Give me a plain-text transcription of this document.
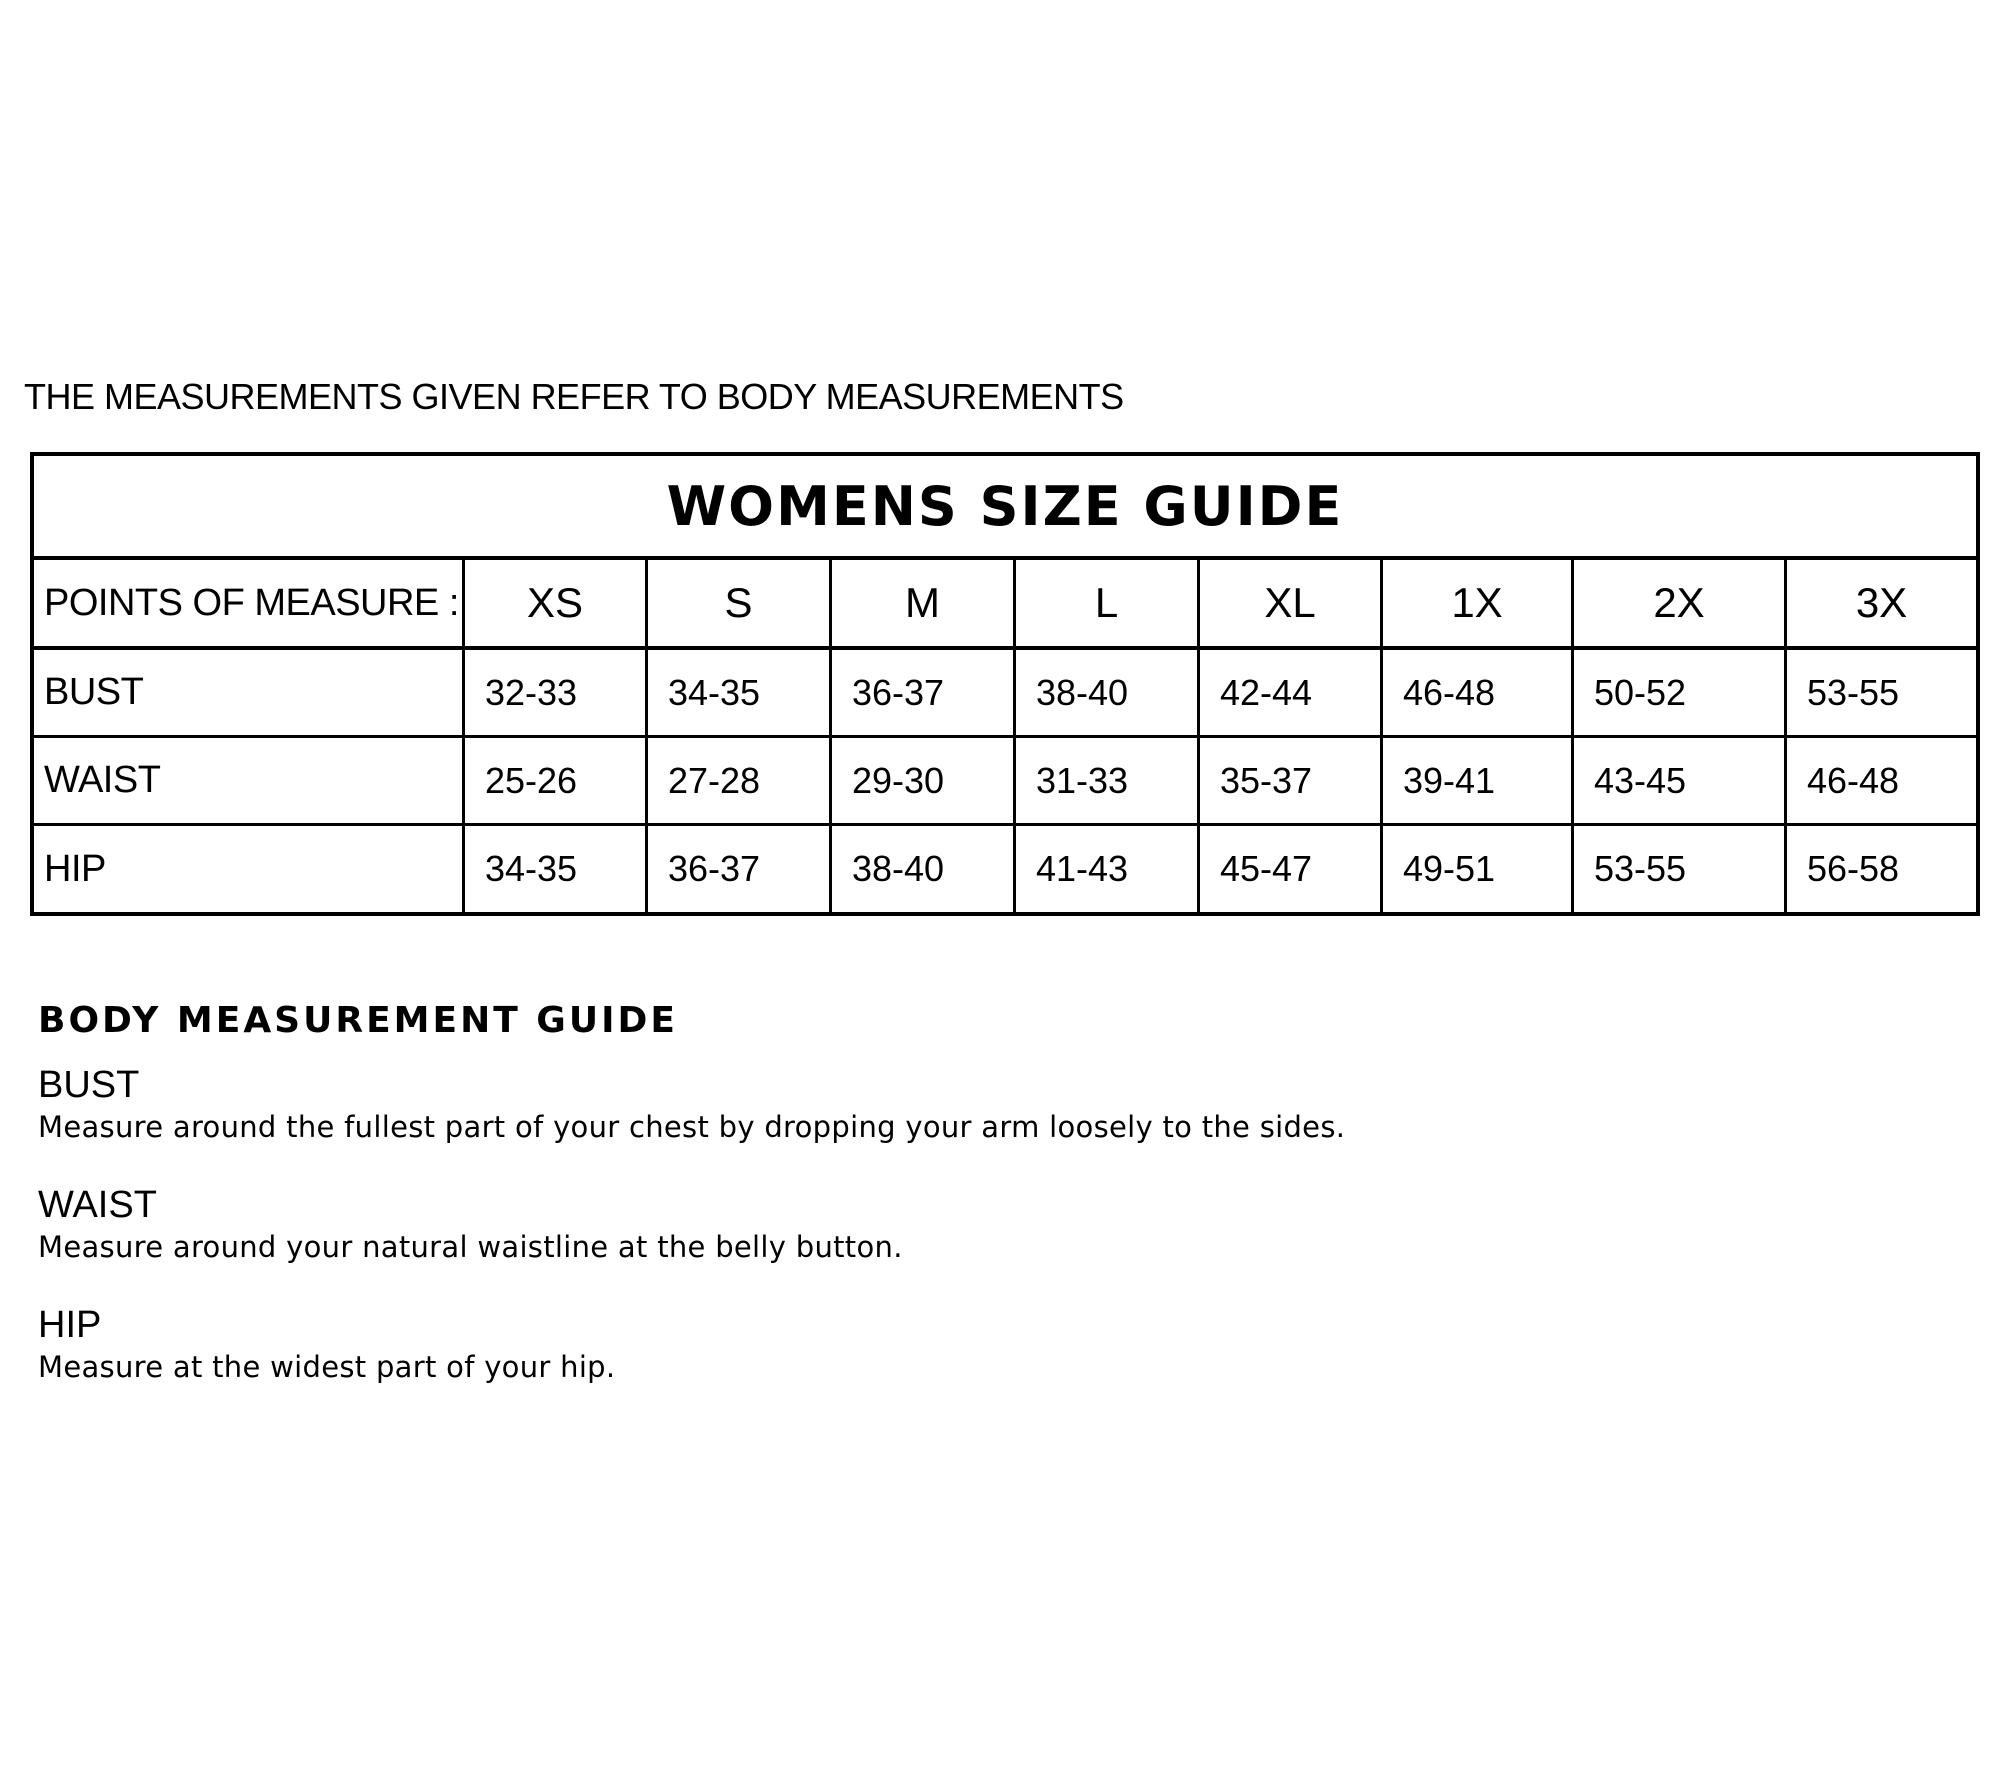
THE MEASUREMENTS GIVEN REFER TO BODY MEASUREMENTS
WOMENS SIZE GUIDE
POINTS OF MEASURE :	XS	S	M	L	XL	1X	2X	3X
BUST	32-33	34-35	36-37	38-40	42-44	46-48	50-52	53-55
WAIST	25-26	27-28	29-30	31-33	35-37	39-41	43-45	46-48
HIP	34-35	36-37	38-40	41-43	45-47	49-51	53-55	56-58
BODY MEASUREMENT GUIDE
BUST
Measure around the fullest part of your chest by dropping your arm loosely to the sides.
WAIST
Measure around your natural waistline at the belly button.
HIP
Measure at the widest part of your hip.
